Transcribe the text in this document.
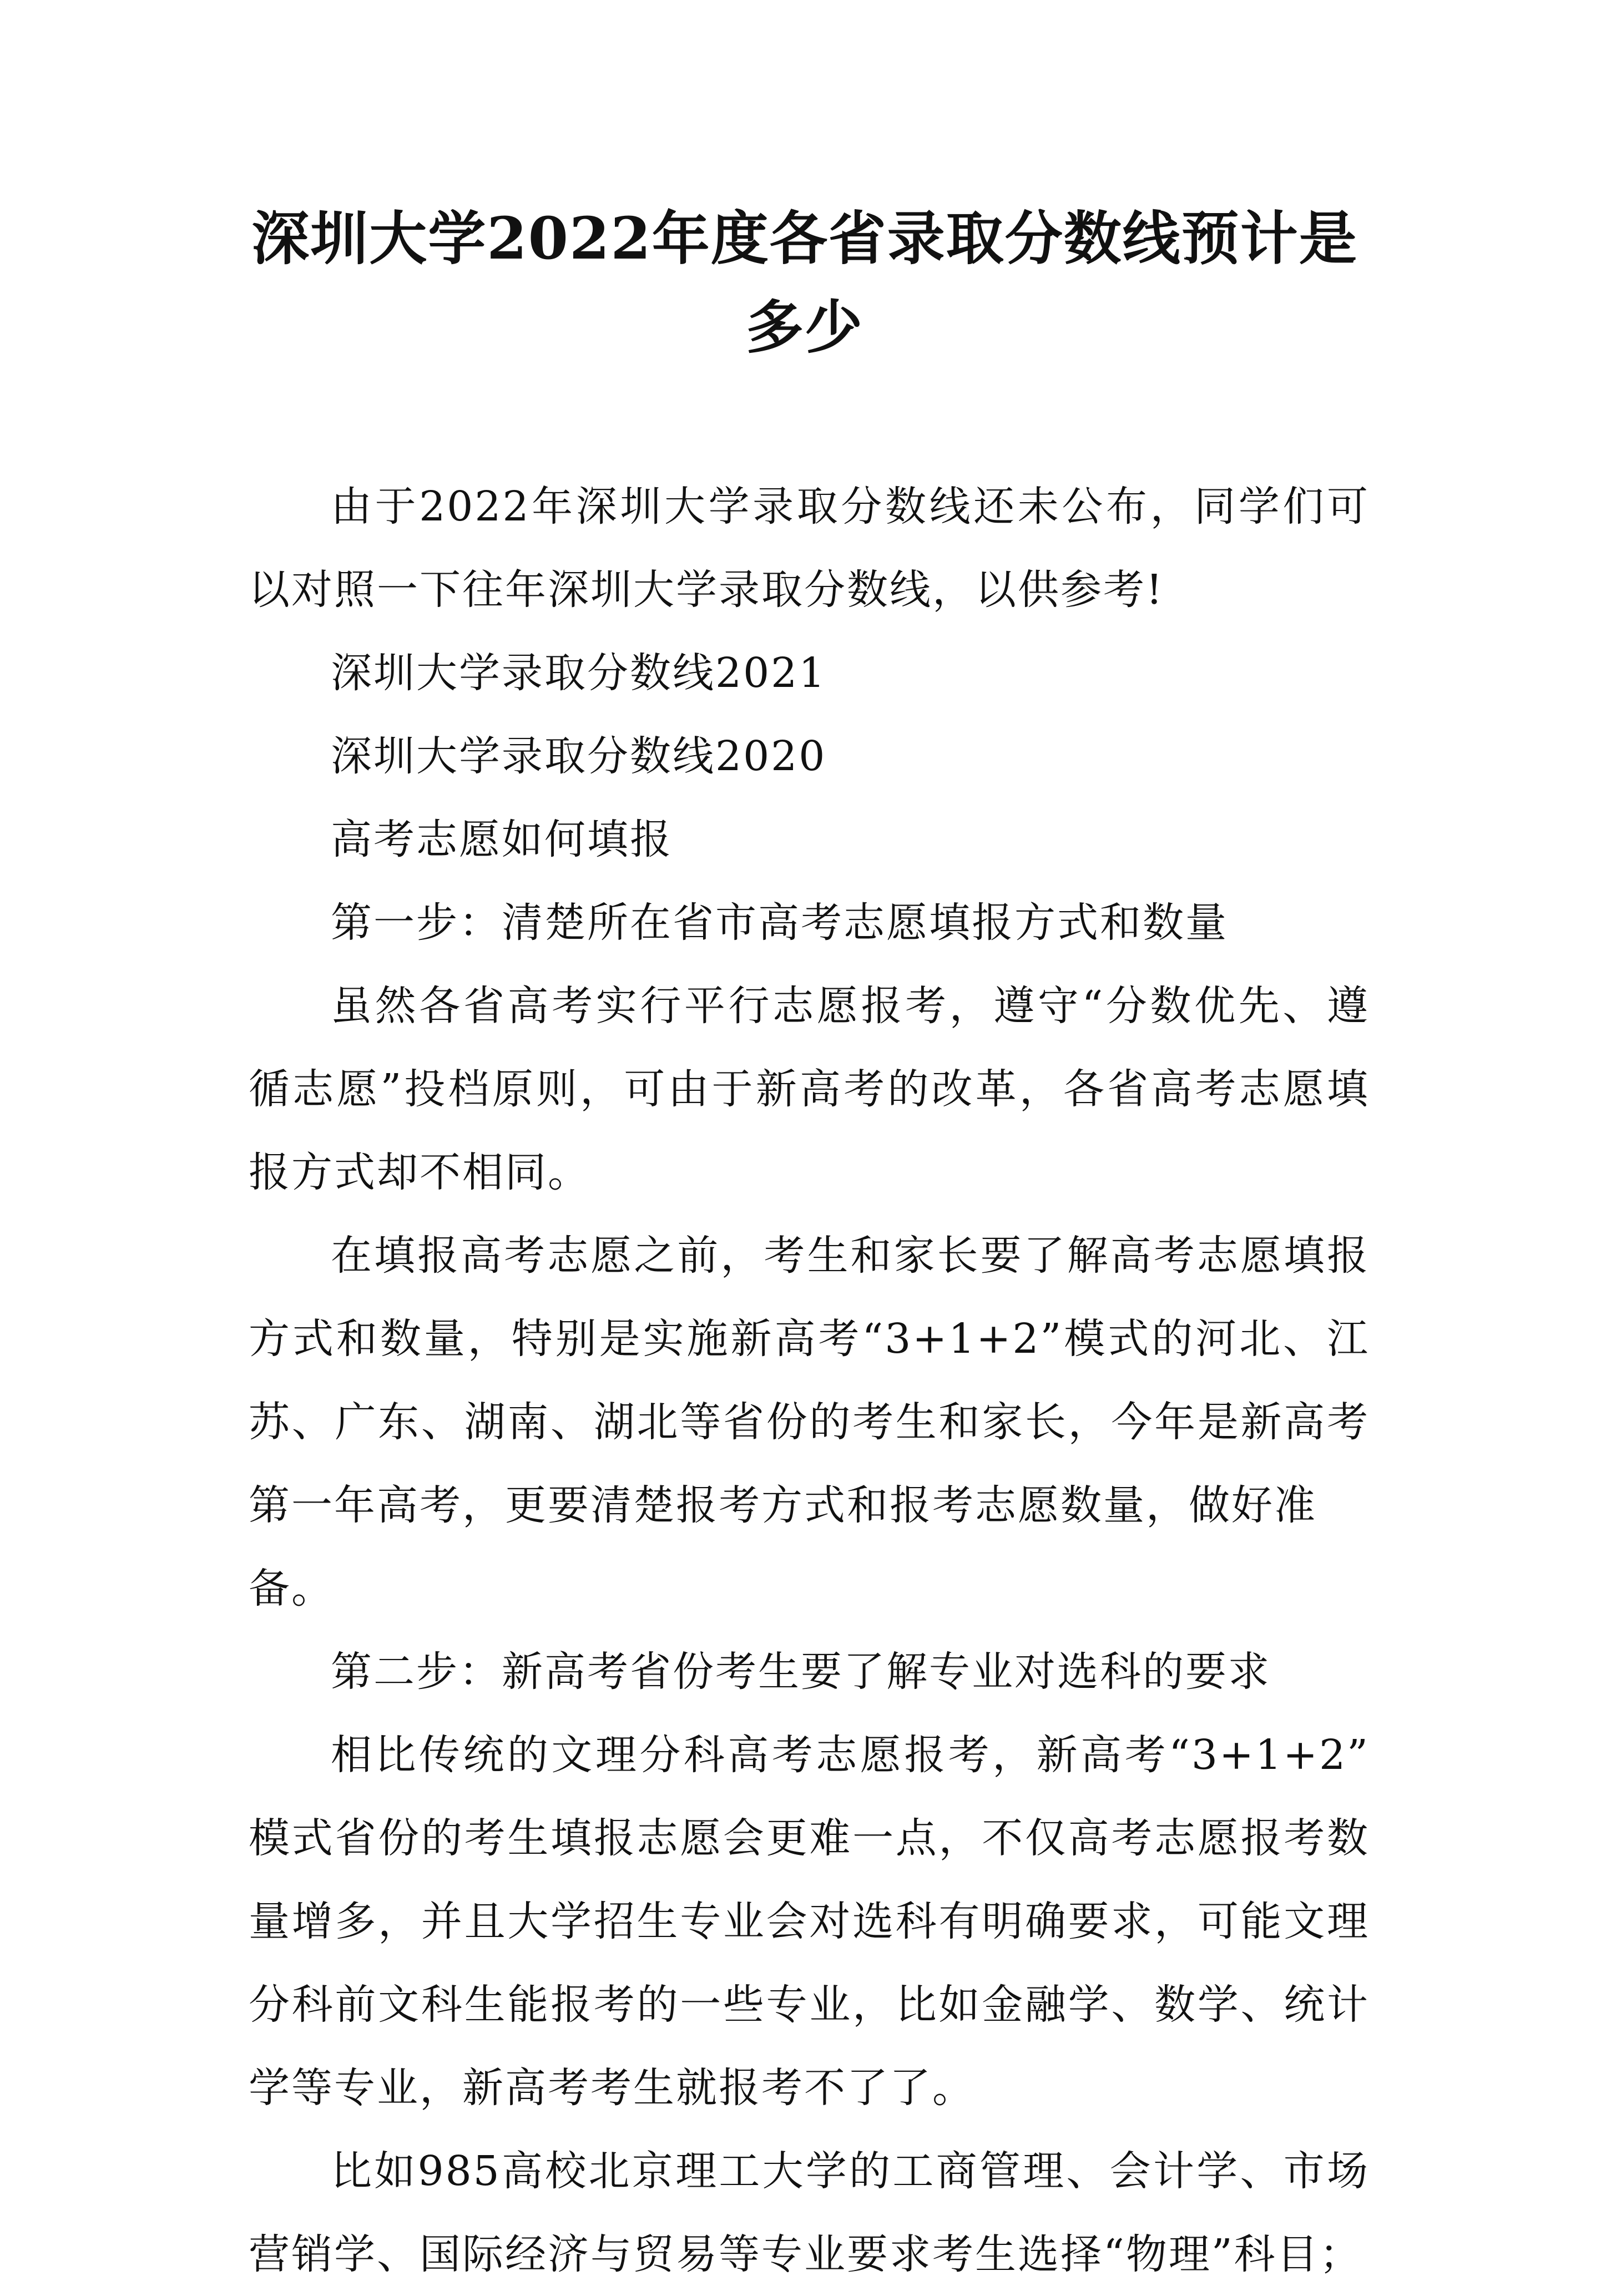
深圳大学2022年度各省录取分数线预计是
多少

由于2022年深圳大学录取分数线还未公布，同学们可

以对照一下往年深圳大学录取分数线，以供参考!

深圳大学录取分数线2021

深圳大学录取分数线2020

高考志愿如何填报

第一步：清楚所在省市高考志愿填报方式和数量

虽然各省高考实行平行志愿报考，遵守“分数优先、遵

循志愿”投档原则，可由于新高考的改革，各省高考志愿填

报方式却不相同。

在填报高考志愿之前，考生和家长要了解高考志愿填报

方式和数量，特别是实施新高考“3+1+2”模式的河北、江

苏、广东、湖南、湖北等省份的考生和家长，今年是新高考

第一年高考，更要清楚报考方式和报考志愿数量，做好准备。

第二步：新高考省份考生要了解专业对选科的要求

相比传统的文理分科高考志愿报考，新高考“3+1+2”

模式省份的考生填报志愿会更难一点，不仅高考志愿报考数

量增多，并且大学招生专业会对选科有明确要求，可能文理

分科前文科生能报考的一些专业，比如金融学、数学、统计

学等专业，新高考考生就报考不了了。

比如985高校北京理工大学的工商管理、会计学、市场

营销学、国际经济与贸易等专业要求考生选择“物理”科目；
